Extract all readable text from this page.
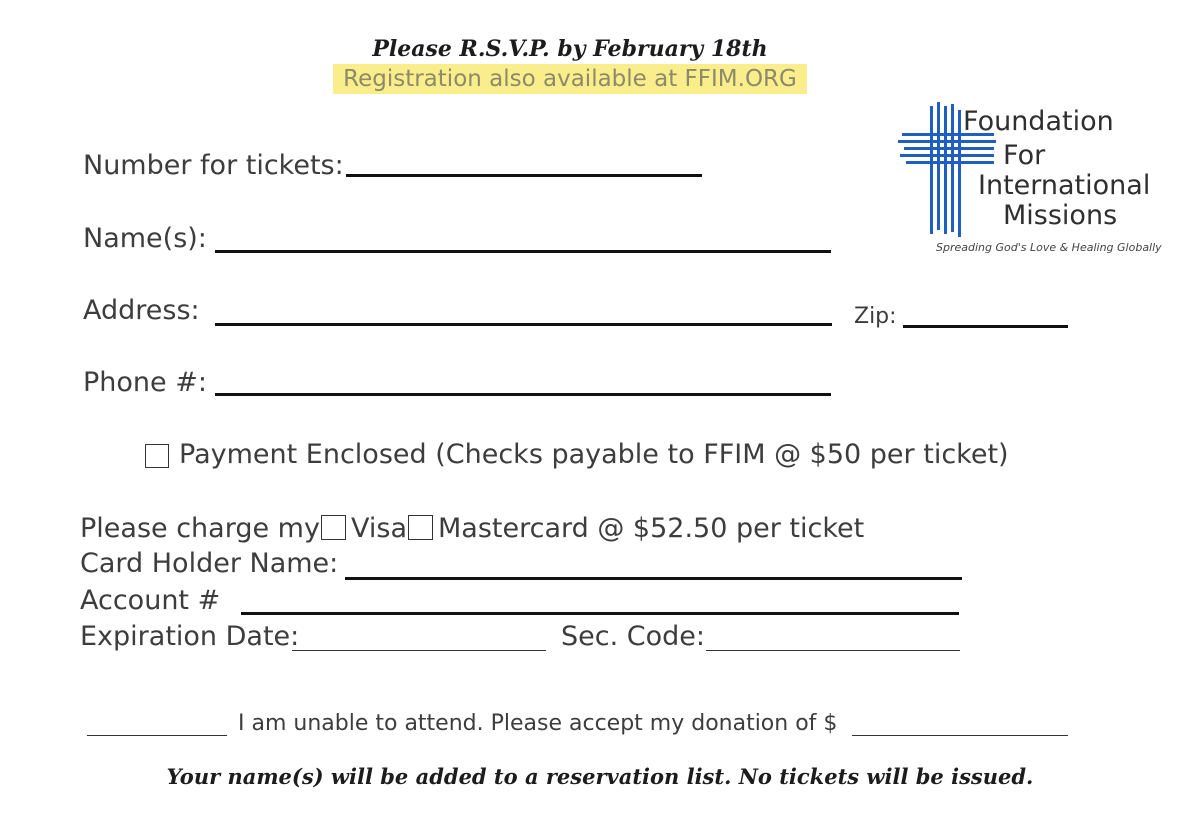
Please R.S.V.P. by February 18th
Registration also available at FFIM.ORG
Foundation
For
International
Missions
Spreading God's Love & Healing Globally
Number for tickets:
Name(s):
Address:	Zip:
Phone #:
Payment Enclosed (Checks payable to FFIM @ $50 per ticket)
Please charge my Visa Mastercard @ $52.50 per ticket
Card Holder Name:
Account #
Expiration Date:	Sec. Code:
I am unable to attend. Please accept my donation of $
Your name(s) will be added to a reservation list. No tickets will be issued.
